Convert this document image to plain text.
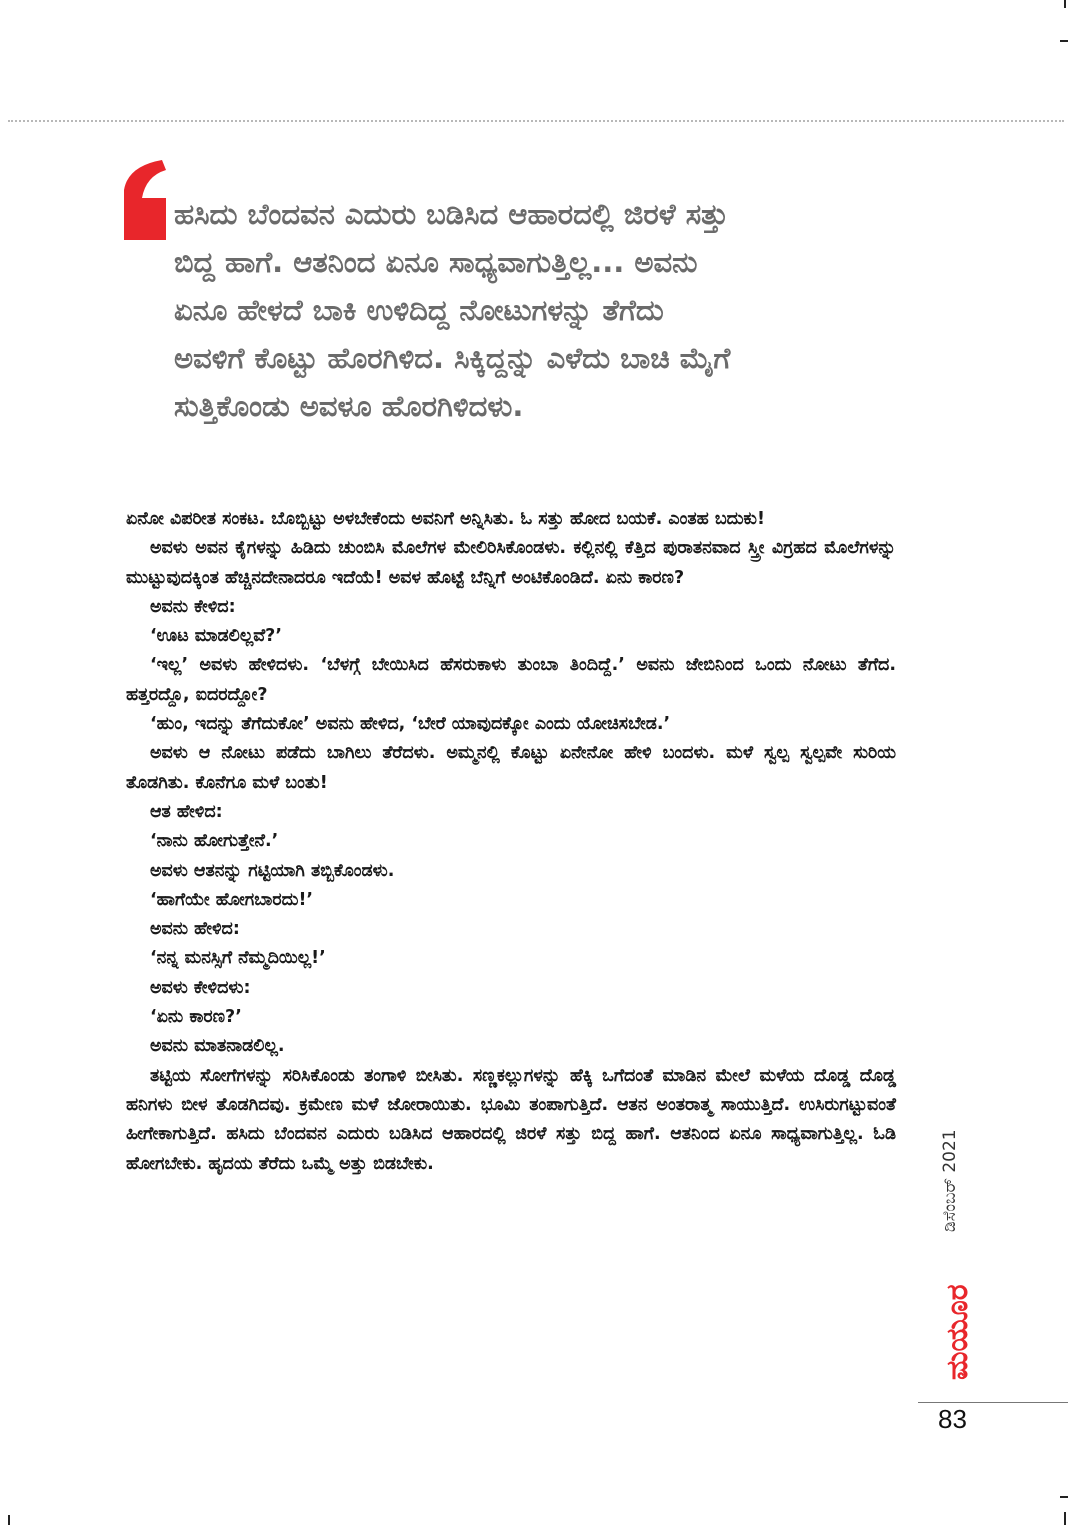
ಹಸಿದು ಬೆಂದವನ ಎದುರು ಬಡಿಸಿದ ಆಹಾರದಲ್ಲಿ ಜಿರಳೆ ಸತ್ತು

ಬಿದ್ದ ಹಾಗೆ. ಆತನಿಂದ ಏನೂ ಸಾಧ್ಯವಾಗುತ್ತಿಲ್ಲ... ಅವನು

ಏನೂ ಹೇಳದೆ ಬಾಕಿ ಉಳಿದಿದ್ದ ನೋಟುಗಳನ್ನು ತೆಗೆದು

ಅವಳಿಗೆ ಕೊಟ್ಟು ಹೊರಗಿಳಿದ. ಸಿಕ್ಕಿದ್ದನ್ನು ಎಳೆದು ಬಾಚಿ ಮೈಗೆ

ಸುತ್ತಿಕೊಂಡು ಅವಳೂ ಹೊರಗಿಳಿದಳು.

ಏನೋ ವಿಪರೀತ ಸಂಕಟ. ಬೊಬ್ಬಿಟ್ಟು ಅಳಬೇಕೆಂದು ಅವನಿಗೆ ಅನ್ನಿಸಿತು. ಓ ಸತ್ತು ಹೋದ ಬಯಕೆ. ಎಂತಹ ಬದುಕು!

ಅವಳು ಅವನ ಕೈಗಳನ್ನು ಹಿಡಿದು ಚುಂಬಿಸಿ ಮೊಲೆಗಳ ಮೇಲಿರಿಸಿಕೊಂಡಳು. ಕಲ್ಲಿನಲ್ಲಿ ಕೆತ್ತಿದ ಪುರಾತನವಾದ ಸ್ತ್ರೀ ವಿಗ್ರಹದ ಮೊಲೆಗಳನ್ನು ಮುಟ್ಟುವುದಕ್ಕಿಂತ ಹೆಚ್ಚಿನದೇನಾದರೂ ಇದೆಯೆ! ಅವಳ ಹೊಟ್ಟೆ ಬೆನ್ನಿಗೆ ಅಂಟಿಕೊಂಡಿದೆ. ಏನು ಕಾರಣ?

ಅವನು ಕೇಳಿದ:

‘ಊಟ ಮಾಡಲಿಲ್ಲವೆ?’

‘ಇಲ್ಲ’ ಅವಳು ಹೇಳಿದಳು. ‘ಬೆಳಗ್ಗೆ ಬೇಯಿಸಿದ ಹೆಸರುಕಾಳು ತುಂಬಾ ತಿಂದಿದ್ದೆ.’ ಅವನು ಜೇಬಿನಿಂದ ಒಂದು ನೋಟು ತೆಗೆದ. ಹತ್ತರದ್ದೊ, ಐದರದ್ದೋ?

‘ಹುಂ, ಇದನ್ನು ತೆಗೆದುಕೋ’ ಅವನು ಹೇಳಿದ, ‘ಬೇರೆ ಯಾವುದಕ್ಕೋ ಎಂದು ಯೋಚಿಸಬೇಡ.’

ಅವಳು ಆ ನೋಟು ಪಡೆದು ಬಾಗಿಲು ತೆರೆದಳು. ಅಮ್ಮನಲ್ಲಿ ಕೊಟ್ಟು ಏನೇನೋ ಹೇಳಿ ಬಂದಳು. ಮಳೆ ಸ್ವಲ್ಪ ಸ್ವಲ್ಪವೇ ಸುರಿಯ ತೊಡಗಿತು. ಕೊನೆಗೂ ಮಳೆ ಬಂತು!

ಆತ ಹೇಳಿದ:

‘ನಾನು ಹೋಗುತ್ತೇನೆ.’

ಅವಳು ಆತನನ್ನು ಗಟ್ಟಿಯಾಗಿ ತಬ್ಬಿಕೊಂಡಳು.

‘ಹಾಗೆಯೇ ಹೋಗಬಾರದು!’

ಅವನು ಹೇಳಿದ:

‘ನನ್ನ ಮನಸ್ಸಿಗೆ ನೆಮ್ಮದಿಯಿಲ್ಲ!’

ಅವಳು ಕೇಳಿದಳು:

‘ಏನು ಕಾರಣ?’

ಅವನು ಮಾತನಾಡಲಿಲ್ಲ.

ತಟ್ಟಿಯ ಸೋಗೆಗಳನ್ನು ಸರಿಸಿಕೊಂಡು ತಂಗಾಳಿ ಬೀಸಿತು. ಸಣ್ಣಕಲ್ಲುಗಳನ್ನು ಹೆಕ್ಕಿ ಒಗೆದಂತೆ ಮಾಡಿನ ಮೇಲೆ ಮಳೆಯ ದೊಡ್ಡ ದೊಡ್ಡ ಹನಿಗಳು ಬೀಳ ತೊಡಗಿದವು. ಕ್ರಮೇಣ ಮಳೆ ಜೋರಾಯಿತು. ಭೂಮಿ ತಂಪಾಗುತ್ತಿದೆ. ಆತನ ಅಂತರಾತ್ಮ ಸಾಯುತ್ತಿದೆ. ಉಸಿರುಗಟ್ಟುವಂತೆ ಹೀಗೇಕಾಗುತ್ತಿದೆ. ಹಸಿದು ಬೆಂದವನ ಎದುರು ಬಡಿಸಿದ ಆಹಾರದಲ್ಲಿ ಜಿರಳೆ ಸತ್ತು ಬಿದ್ದ ಹಾಗೆ. ಆತನಿಂದ ಏನೂ ಸಾಧ್ಯವಾಗುತ್ತಿಲ್ಲ. ಓಡಿ ಹೋಗಬೇಕು. ಹೃದಯ ತೆರೆದು ಒಮ್ಮೆ ಅತ್ತು ಬಿಡಬೇಕು.	ಡಿಸೆಂಬರ್ 2021
ಮಯೂರ
83
